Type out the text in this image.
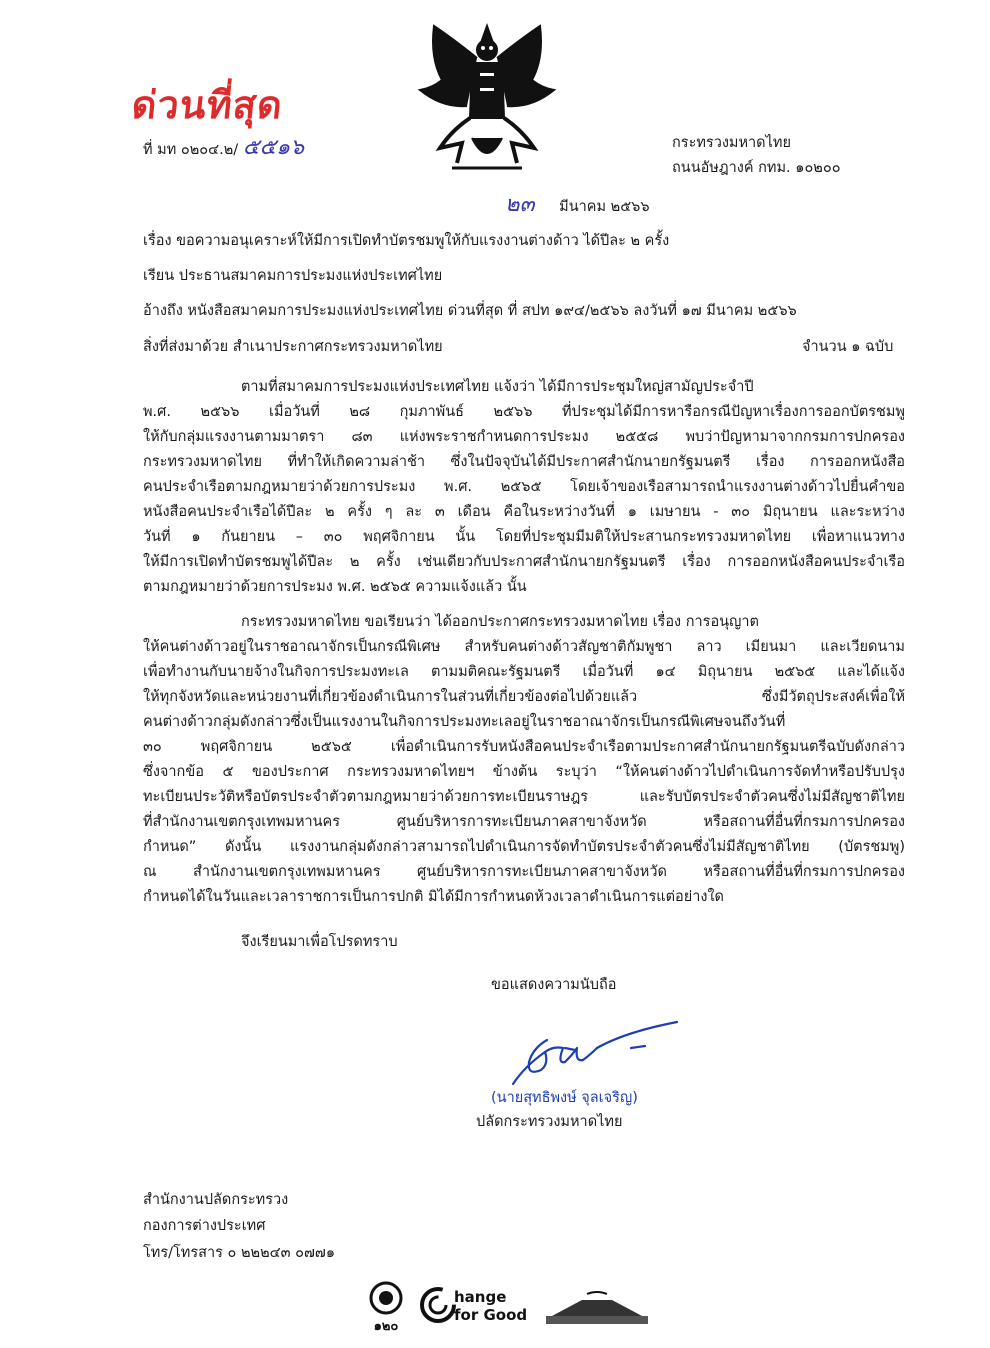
ด่วนที่สุด
ที่ มท ๐๒๐๔.๒/ ๕๕๑๖	กระทรวงมหาดไทย
ถนนอัษฎางค์ กทม. ๑๐๒๐๐
๒๓ มีนาคม ๒๕๖๖
เรื่อง ขอความอนุเคราะห์ให้มีการเปิดทำบัตรชมพูให้กับแรงงานต่างด้าว ได้ปีละ ๒ ครั้ง
เรียน ประธานสมาคมการประมงแห่งประเทศไทย
อ้างถึง หนังสือสมาคมการประมงแห่งประเทศไทย ด่วนที่สุด ที่ สปท ๑๙๔/๒๕๖๖ ลงวันที่ ๑๗ มีนาคม ๒๕๖๖
สิ่งที่ส่งมาด้วย สำเนาประกาศกระทรวงมหาดไทย	จำนวน ๑ ฉบับ
ตามที่สมาคมการประมงแห่งประเทศไทย แจ้งว่า ได้มีการประชุมใหญ่สามัญประจำปี
พ.ศ. ๒๕๖๖ เมื่อวันที่ ๒๘ กุมภาพันธ์ ๒๕๖๖ ที่ประชุมได้มีการหารือกรณีปัญหาเรื่องการออกบัตรชมพู
ให้กับกลุ่มแรงงานตามมาตรา ๘๓ แห่งพระราชกำหนดการประมง ๒๕๕๘ พบว่าปัญหามาจากกรมการปกครอง
กระทรวงมหาดไทย ที่ทำให้เกิดความล่าช้า ซึ่งในปัจจุบันได้มีประกาศสำนักนายกรัฐมนตรี เรื่อง การออกหนังสือ
คนประจำเรือตามกฎหมายว่าด้วยการประมง พ.ศ. ๒๕๖๕ โดยเจ้าของเรือสามารถนำแรงงานต่างด้าวไปยื่นคำขอ
หนังสือคนประจำเรือได้ปีละ ๒ ครั้ง ๆ ละ ๓ เดือน คือในระหว่างวันที่ ๑ เมษายน - ๓๐ มิถุนายน และระหว่าง
วันที่ ๑ กันยายน – ๓๐ พฤศจิกายน นั้น โดยที่ประชุมมีมติให้ประสานกระทรวงมหาดไทย เพื่อหาแนวทาง
ให้มีการเปิดทำบัตรชมพูได้ปีละ ๒ ครั้ง เช่นเดียวกับประกาศสำนักนายกรัฐมนตรี เรื่อง การออกหนังสือคนประจำเรือ
ตามกฎหมายว่าด้วยการประมง พ.ศ. ๒๕๖๕ ความแจ้งแล้ว นั้น
กระทรวงมหาดไทย ขอเรียนว่า ได้ออกประกาศกระทรวงมหาดไทย เรื่อง การอนุญาต
ให้คนต่างด้าวอยู่ในราชอาณาจักรเป็นกรณีพิเศษ สำหรับคนต่างด้าวสัญชาติกัมพูชา ลาว เมียนมา และเวียดนาม
เพื่อทำงานกับนายจ้างในกิจการประมงทะเล ตามมติคณะรัฐมนตรี เมื่อวันที่ ๑๔ มิถุนายน ๒๕๖๕ และได้แจ้ง
ให้ทุกจังหวัดและหน่วยงานที่เกี่ยวข้องดำเนินการในส่วนที่เกี่ยวข้องต่อไปด้วยแล้ว ซึ่งมีวัตถุประสงค์เพื่อให้
คนต่างด้าวกลุ่มดังกล่าวซึ่งเป็นแรงงานในกิจการประมงทะเลอยู่ในราชอาณาจักรเป็นกรณีพิเศษจนถึงวันที่
๓๐ พฤศจิกายน ๒๕๖๕ เพื่อดำเนินการรับหนังสือคนประจำเรือตามประกาศสำนักนายกรัฐมนตรีฉบับดังกล่าว
ซึ่งจากข้อ ๕ ของประกาศ กระทรวงมหาดไทยฯ ข้างต้น ระบุว่า “ให้คนต่างด้าวไปดำเนินการจัดทำหรือปรับปรุง
ทะเบียนประวัติหรือบัตรประจำตัวตามกฎหมายว่าด้วยการทะเบียนราษฎร และรับบัตรประจำตัวคนซึ่งไม่มีสัญชาติไทย
ที่สำนักงานเขตกรุงเทพมหานคร ศูนย์บริหารการทะเบียนภาคสาขาจังหวัด หรือสถานที่อื่นที่กรมการปกครอง
กำหนด” ดังนั้น แรงงานกลุ่มดังกล่าวสามารถไปดำเนินการจัดทำบัตรประจำตัวคนซึ่งไม่มีสัญชาติไทย (บัตรชมพู)
ณ สำนักงานเขตกรุงเทพมหานคร ศูนย์บริหารการทะเบียนภาคสาขาจังหวัด หรือสถานที่อื่นที่กรมการปกครอง
กำหนดได้ในวันและเวลาราชการเป็นการปกติ มิได้มีการกำหนดห้วงเวลาดำเนินการแต่อย่างใด
จึงเรียนมาเพื่อโปรดทราบ
ขอแสดงความนับถือ
(นายสุทธิพงษ์ จุลเจริญ)
ปลัดกระทรวงมหาดไทย
สำนักงานปลัดกระทรวง
กองการต่างประเทศ
โทร/โทรสาร ๐ ๒๒๒๔๓ ๐๗๗๑
๑๒๐
hange
for Good
